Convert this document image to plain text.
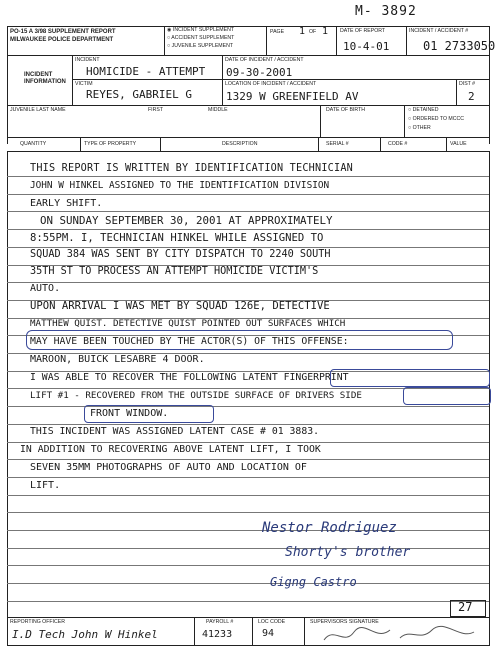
M- 3892
PO-15 A 3/98 SUPPLEMENT REPORT
MILWAUKEE POLICE DEPARTMENT
◉ INCIDENT SUPPLEMENT
○ ACCIDENT SUPPLEMENT
○ JUVENILE SUPPLEMENT
PAGE 1 OF 1 DATE OF REPORT
10-4-01
INCIDENT / ACCIDENT #
01 2733050
INCIDENT INFORMATION
INCIDENT
HOMICIDE - ATTEMPT
DATE OF INCIDENT / ACCIDENT
09-30-2001
VICTIM
REYES, GABRIEL G
LOCATION OF INCIDENT / ACCIDENT
1329 W GREENFIELD AV
DIST #
2
JUVENILE LAST NAME	FIRST	MIDDLE	DATE OF BIRTH	○ DETAINED
○ ORDERED TO MCCC
○ OTHER
QUANTITY	TYPE OF PROPERTY	DESCRIPTION	SERIAL #	CODE #	VALUE
THIS REPORT IS WRITTEN BY IDENTIFICATION TECHNICIAN
JOHN W HINKEL ASSIGNED TO THE IDENTIFICATION DIVISION
EARLY SHIFT.
ON SUNDAY SEPTEMBER 30, 2001 AT APPROXIMATELY
8:55PM. I, TECHNICIAN HINKEL WHILE ASSIGNED TO
SQUAD 384 WAS SENT BY CITY DISPATCH TO 2240 SOUTH
35TH ST TO PROCESS AN ATTEMPT HOMICIDE VICTIM'S
AUTO.
UPON ARRIVAL I WAS MET BY SQUAD 126E, DETECTIVE
MATTHEW QUIST. DETECTIVE QUIST POINTED OUT SURFACES WHICH
MAY HAVE BEEN TOUCHED BY THE ACTOR(S) OF THIS OFFENSE:
MAROON, BUICK LESABRE 4 DOOR.
I WAS ABLE TO RECOVER THE FOLLOWING LATENT FINGERPRINT
LIFT #1 - RECOVERED FROM THE OUTSIDE SURFACE OF DRIVERS SIDE
FRONT WINDOW.
THIS INCIDENT WAS ASSIGNED LATENT CASE # 01 3883.
IN ADDITION TO RECOVERING ABOVE LATENT LIFT, I TOOK
SEVEN 35MM PHOTOGRAPHS OF AUTO AND LOCATION OF
LIFT.
Nestor Rodriguez
Shorty's brother
Gigng Castro
27
REPORTING OFFICER
I.D Tech John W Hinkel
PAYROLL #
41233
LOC CODE
94
SUPERVISORS SIGNATURE
